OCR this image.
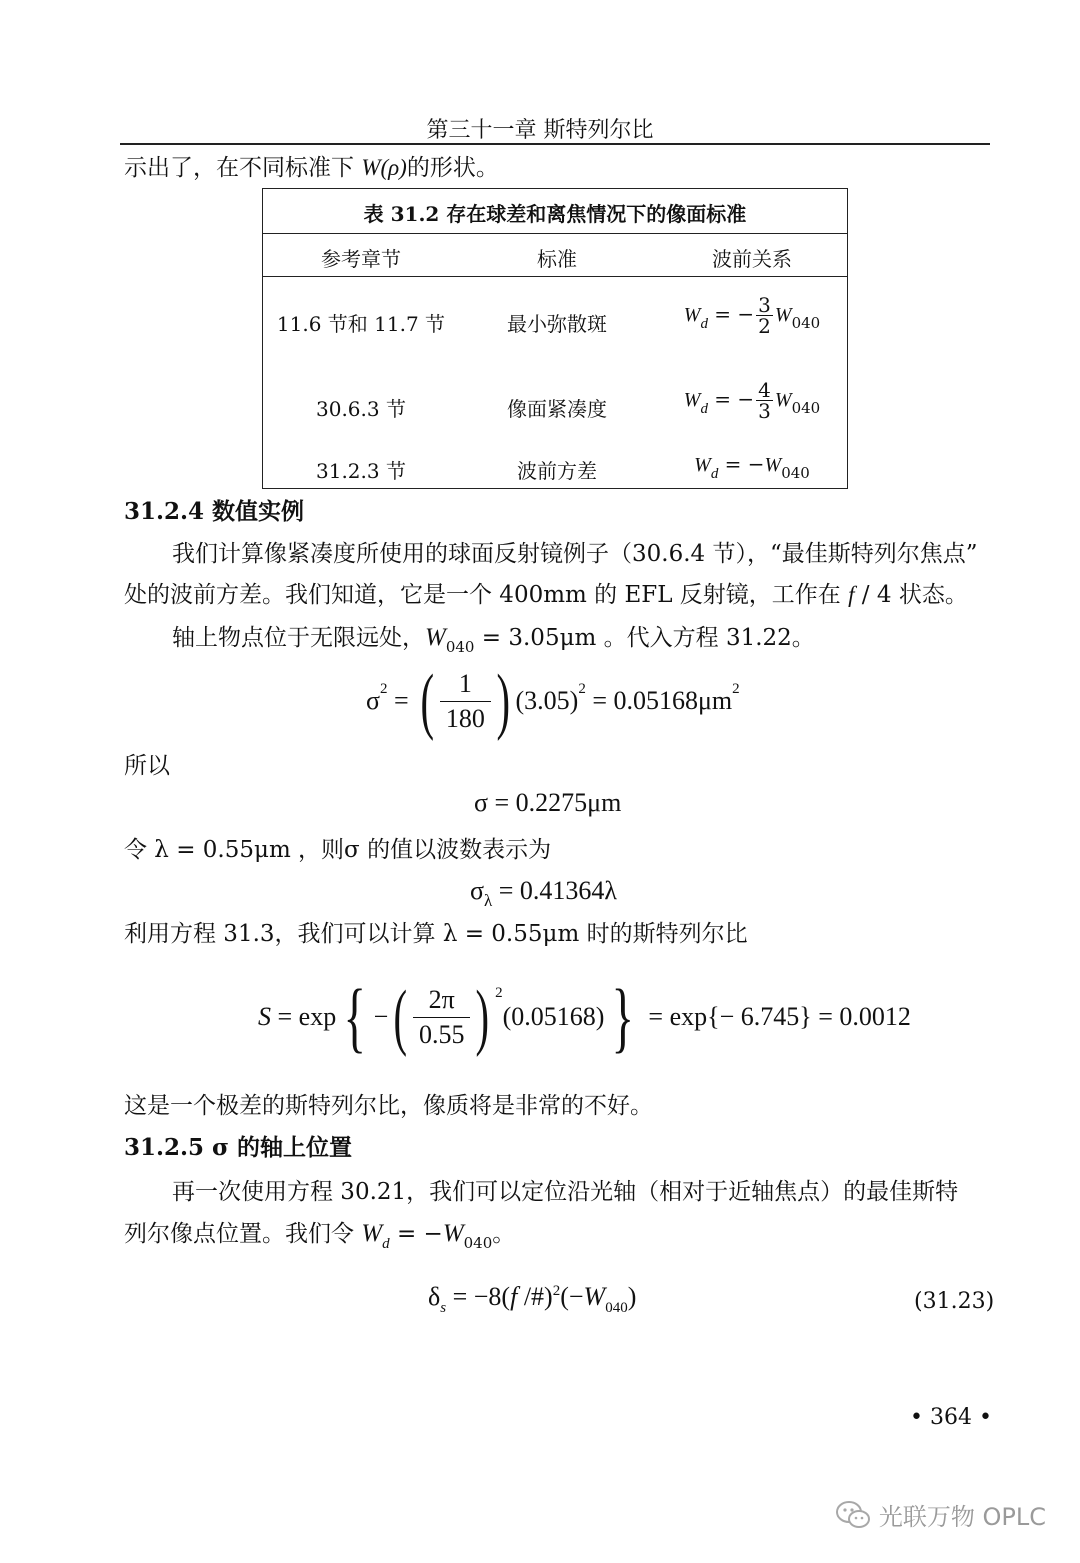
第三十一章 斯特列尔比
示出了，在不同标准下 W(ρ)的形状。
表 31.2 存在球差和离焦情况下的像面标准
参考章节	标准	波前关系
11.6 节和 11.7 节	最小弥散斑	$W_d$ = − $\frac{3}{2} W_{040}$
30.6.3 节	像面紧凑度	$W_d$ = − $\frac{4}{3} W_{040}$
31.2.3 节	波前方差	$W_d = -W_{040}$
31.2.4 数值实例
我们计算像紧凑度所使用的球面反射镜例子（30.6.4 节），“最佳斯特列尔焦点”
处的波前方差。我们知道，它是一个 400mm 的 EFL 反射镜，工作在 f / 4 状态。
轴上物点位于无限远处，$W_{040} = 3.05\mu m$ 。代入方程 31.22。
$\sigma^2$ = ( $\frac{1}{180}$ ) $(3.05)^2 = 0.05168\mu m^2$
所以
σ = 0.2275μm
令 λ = 0.55μm ，则σ 的值以波数表示为
$\sigma_\lambda = 0.41364\lambda$
利用方程 31.3，我们可以计算 λ = 0.55μm 时的斯特列尔比
S = exp{ −( $\frac{2\pi}{0.55}$ ) $^2$(0.05168)} = exp{− 6.745} = 0.0012
这是一个极差的斯特列尔比，像质将是非常的不好。
31.2.5 σ 的轴上位置
再一次使用方程 30.21，我们可以定位沿光轴（相对于近轴焦点）的最佳斯特
列尔像点位置。我们令 $W_d = -W_{040}$。
$\delta_s = -8(f$ $/\#)^2(-W_{040})$	(31.23)
• 364 •
光联万物 OPLC
